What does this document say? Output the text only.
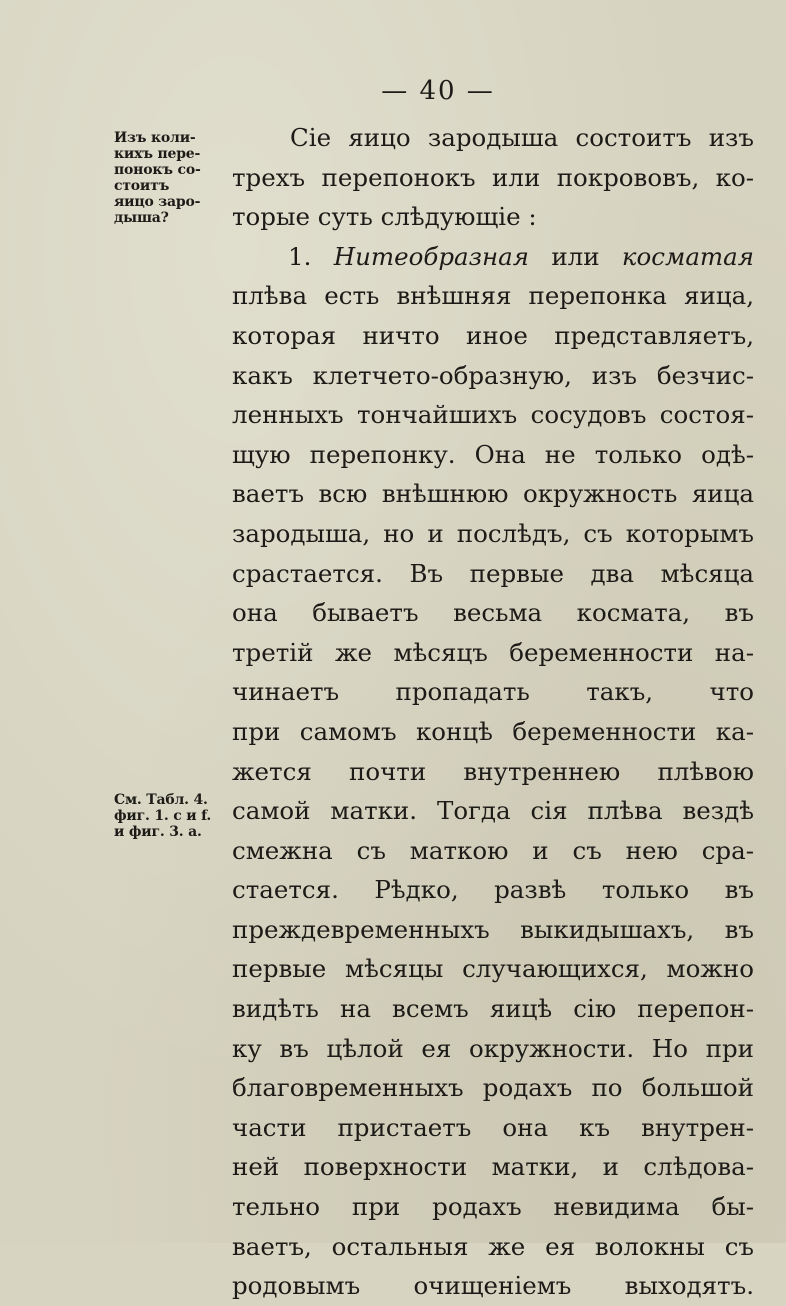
— 40 —
Изъ коли-
кихъ пере-
понокъ со-
стоитъ
яицо заро-
дыша?
См. Табл. 4.
фиг. 1. c и f.
и фиг. 3. a.
Сіе яицо зародыша состоитъ изъ
трехъ перепонокъ или покрововъ, ко-
торые суть слѣдующіе :
1. Нитеобразная или косматая
плѣва есть внѣшняя перепонка яица,
которая ничто иное представляетъ,
какъ клетчето-образную, изъ безчис-
ленныхъ тончайшихъ сосудовъ состоя-
щую перепонку. Она не только одѣ-
ваетъ всю внѣшнюю окружность яица
зародыша, но и послѣдъ, съ которымъ
срастается. Въ первые два мѣсяца
она бываетъ весьма космата, въ
третій же мѣсяцъ беременности на-
чинаетъ пропадать такъ, что
при самомъ концѣ беременности ка-
жется почти внутреннею плѣвою
самой матки. Тогда сія плѣва вездѣ
смежна съ маткою и съ нею сра-
стается. Рѣдко, развѣ только въ
преждевременныхъ выкидышахъ, въ
первые мѣсяцы случающихся, можно
видѣть на всемъ яицѣ сію перепон-
ку въ цѣлой ея окружности. Но при
благовременныхъ родахъ по большой
части пристаетъ она къ внутрен-
ней поверхности матки, и слѣдова-
тельно при родахъ невидима бы-
ваетъ, остальныя же ея волокны съ
родовымъ очищеніемъ выходятъ.
